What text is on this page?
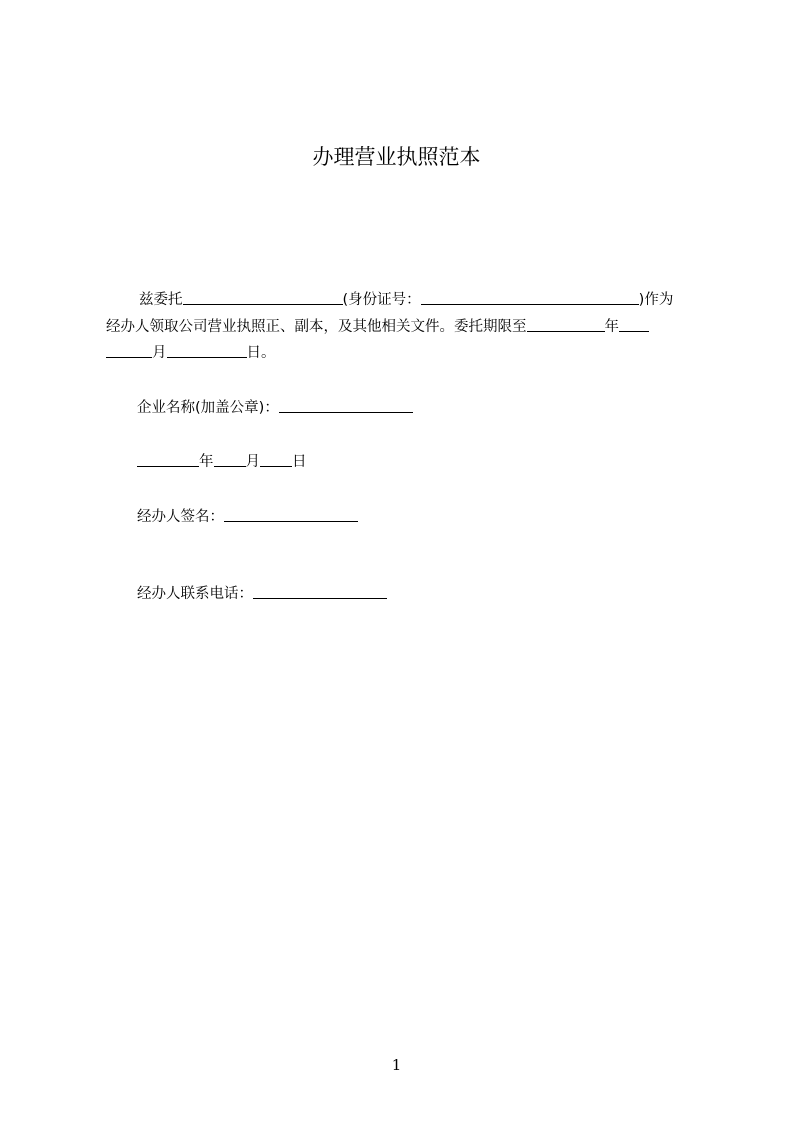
办理营业执照范本
兹委托	(身份证号：	)作为
经办人领取公司营业执照正、副本，及其他相关文件。委托期限至	年
月	日。
企业名称(加盖公章)：
年 月 日
经办人签名：
经办人联系电话：
1
